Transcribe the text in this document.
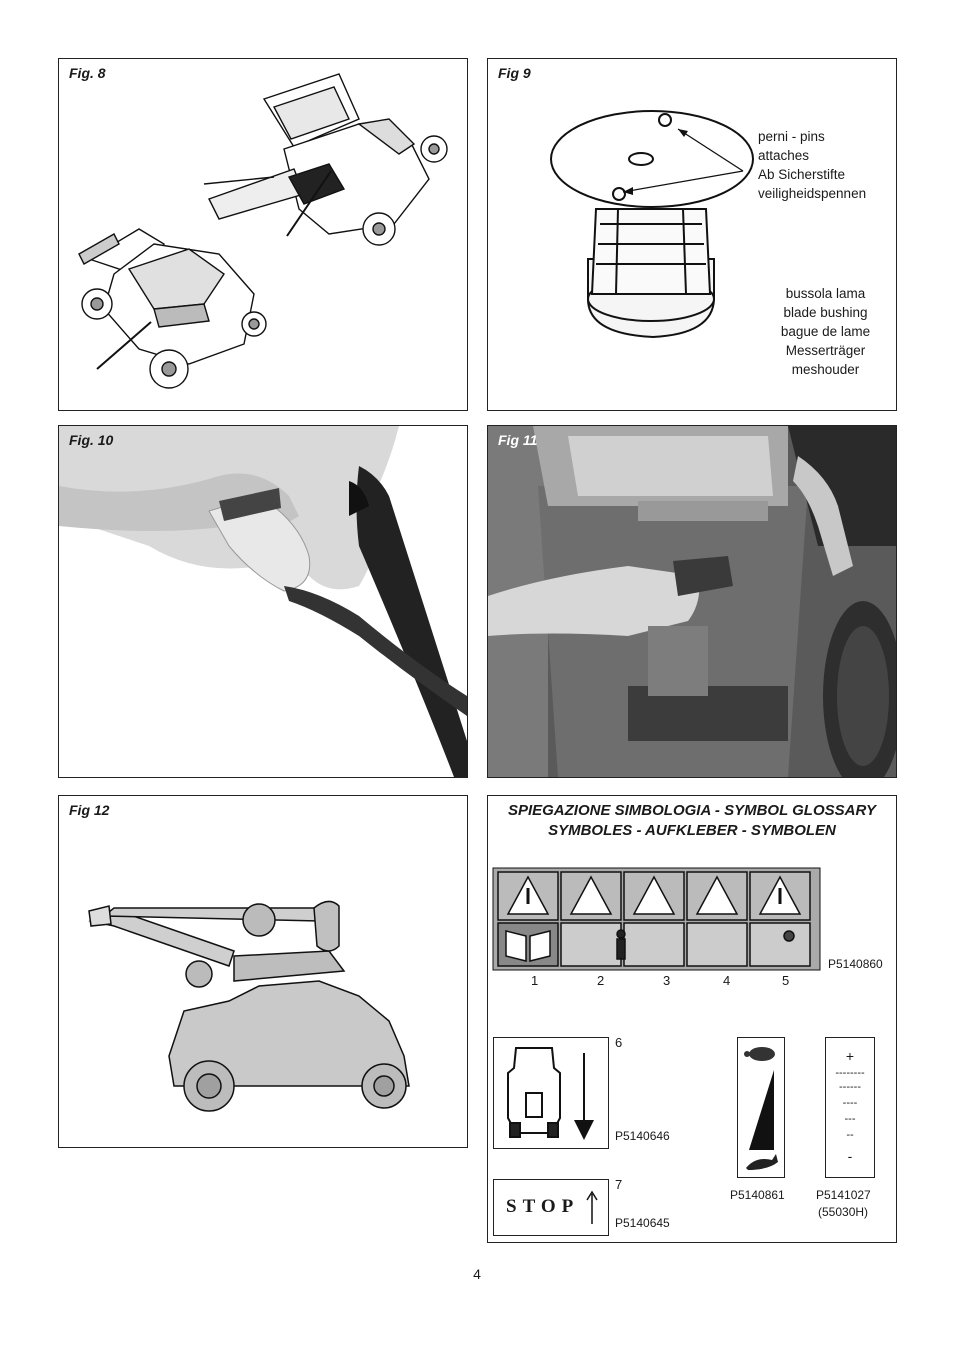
Fig. 8	Fig 9
perni - pins
attaches
Ab Sicherstifte
veiligheidspennen
bussola lama
blade bushing
bague de lame
Messerträger
meshouder
Fig. 10	Fig 11
Fig 12	SPIEGAZIONE SIMBOLOGIA - SYMBOL GLOSSARY
SYMBOLES - AUFKLEBER - SYMBOLEN
P5140860
1	2	3	4	5
6
P5140646
STOP
7
P5140645
P5140861
+
--------
------
----
---
--
-
P5141027
(55030H)
4
